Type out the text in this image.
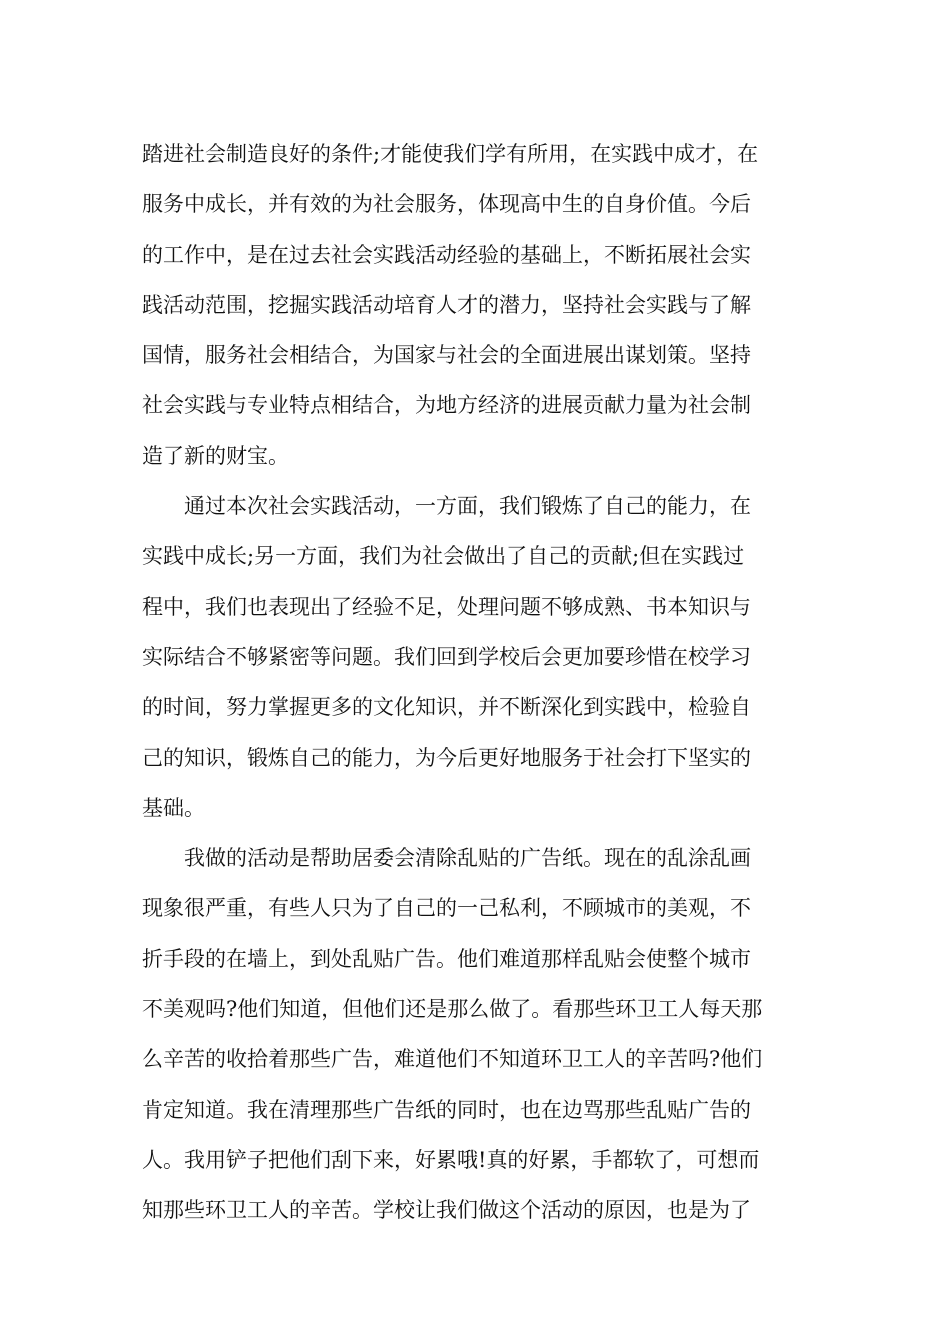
踏进社会制造良好的条件;才能使我们学有所用，在实践中成才，在
服务中成长，并有效的为社会服务，体现高中生的自身价值。今后
的工作中，是在过去社会实践活动经验的基础上，不断拓展社会实
践活动范围，挖掘实践活动培育人才的潜力，坚持社会实践与了解
国情，服务社会相结合，为国家与社会的全面进展出谋划策。坚持
社会实践与专业特点相结合，为地方经济的进展贡献力量为社会制
造了新的财宝。
通过本次社会实践活动，一方面，我们锻炼了自己的能力，在
实践中成长;另一方面，我们为社会做出了自己的贡献;但在实践过
程中，我们也表现出了经验不足，处理问题不够成熟、书本知识与
实际结合不够紧密等问题。我们回到学校后会更加要珍惜在校学习
的时间，努力掌握更多的文化知识，并不断深化到实践中，检验自
己的知识，锻炼自己的能力，为今后更好地服务于社会打下坚实的
基础。
我做的活动是帮助居委会清除乱贴的广告纸。现在的乱涂乱画
现象很严重，有些人只为了自己的一己私利，不顾城市的美观，不
折手段的在墙上，到处乱贴广告。他们难道那样乱贴会使整个城市
不美观吗?他们知道，但他们还是那么做了。看那些环卫工人每天那
么辛苦的收拾着那些广告，难道他们不知道环卫工人的辛苦吗?他们
肯定知道。我在清理那些广告纸的同时，也在边骂那些乱贴广告的
人。我用铲子把他们刮下来，好累哦!真的好累，手都软了，可想而
知那些环卫工人的辛苦。学校让我们做这个活动的原因，也是为了
